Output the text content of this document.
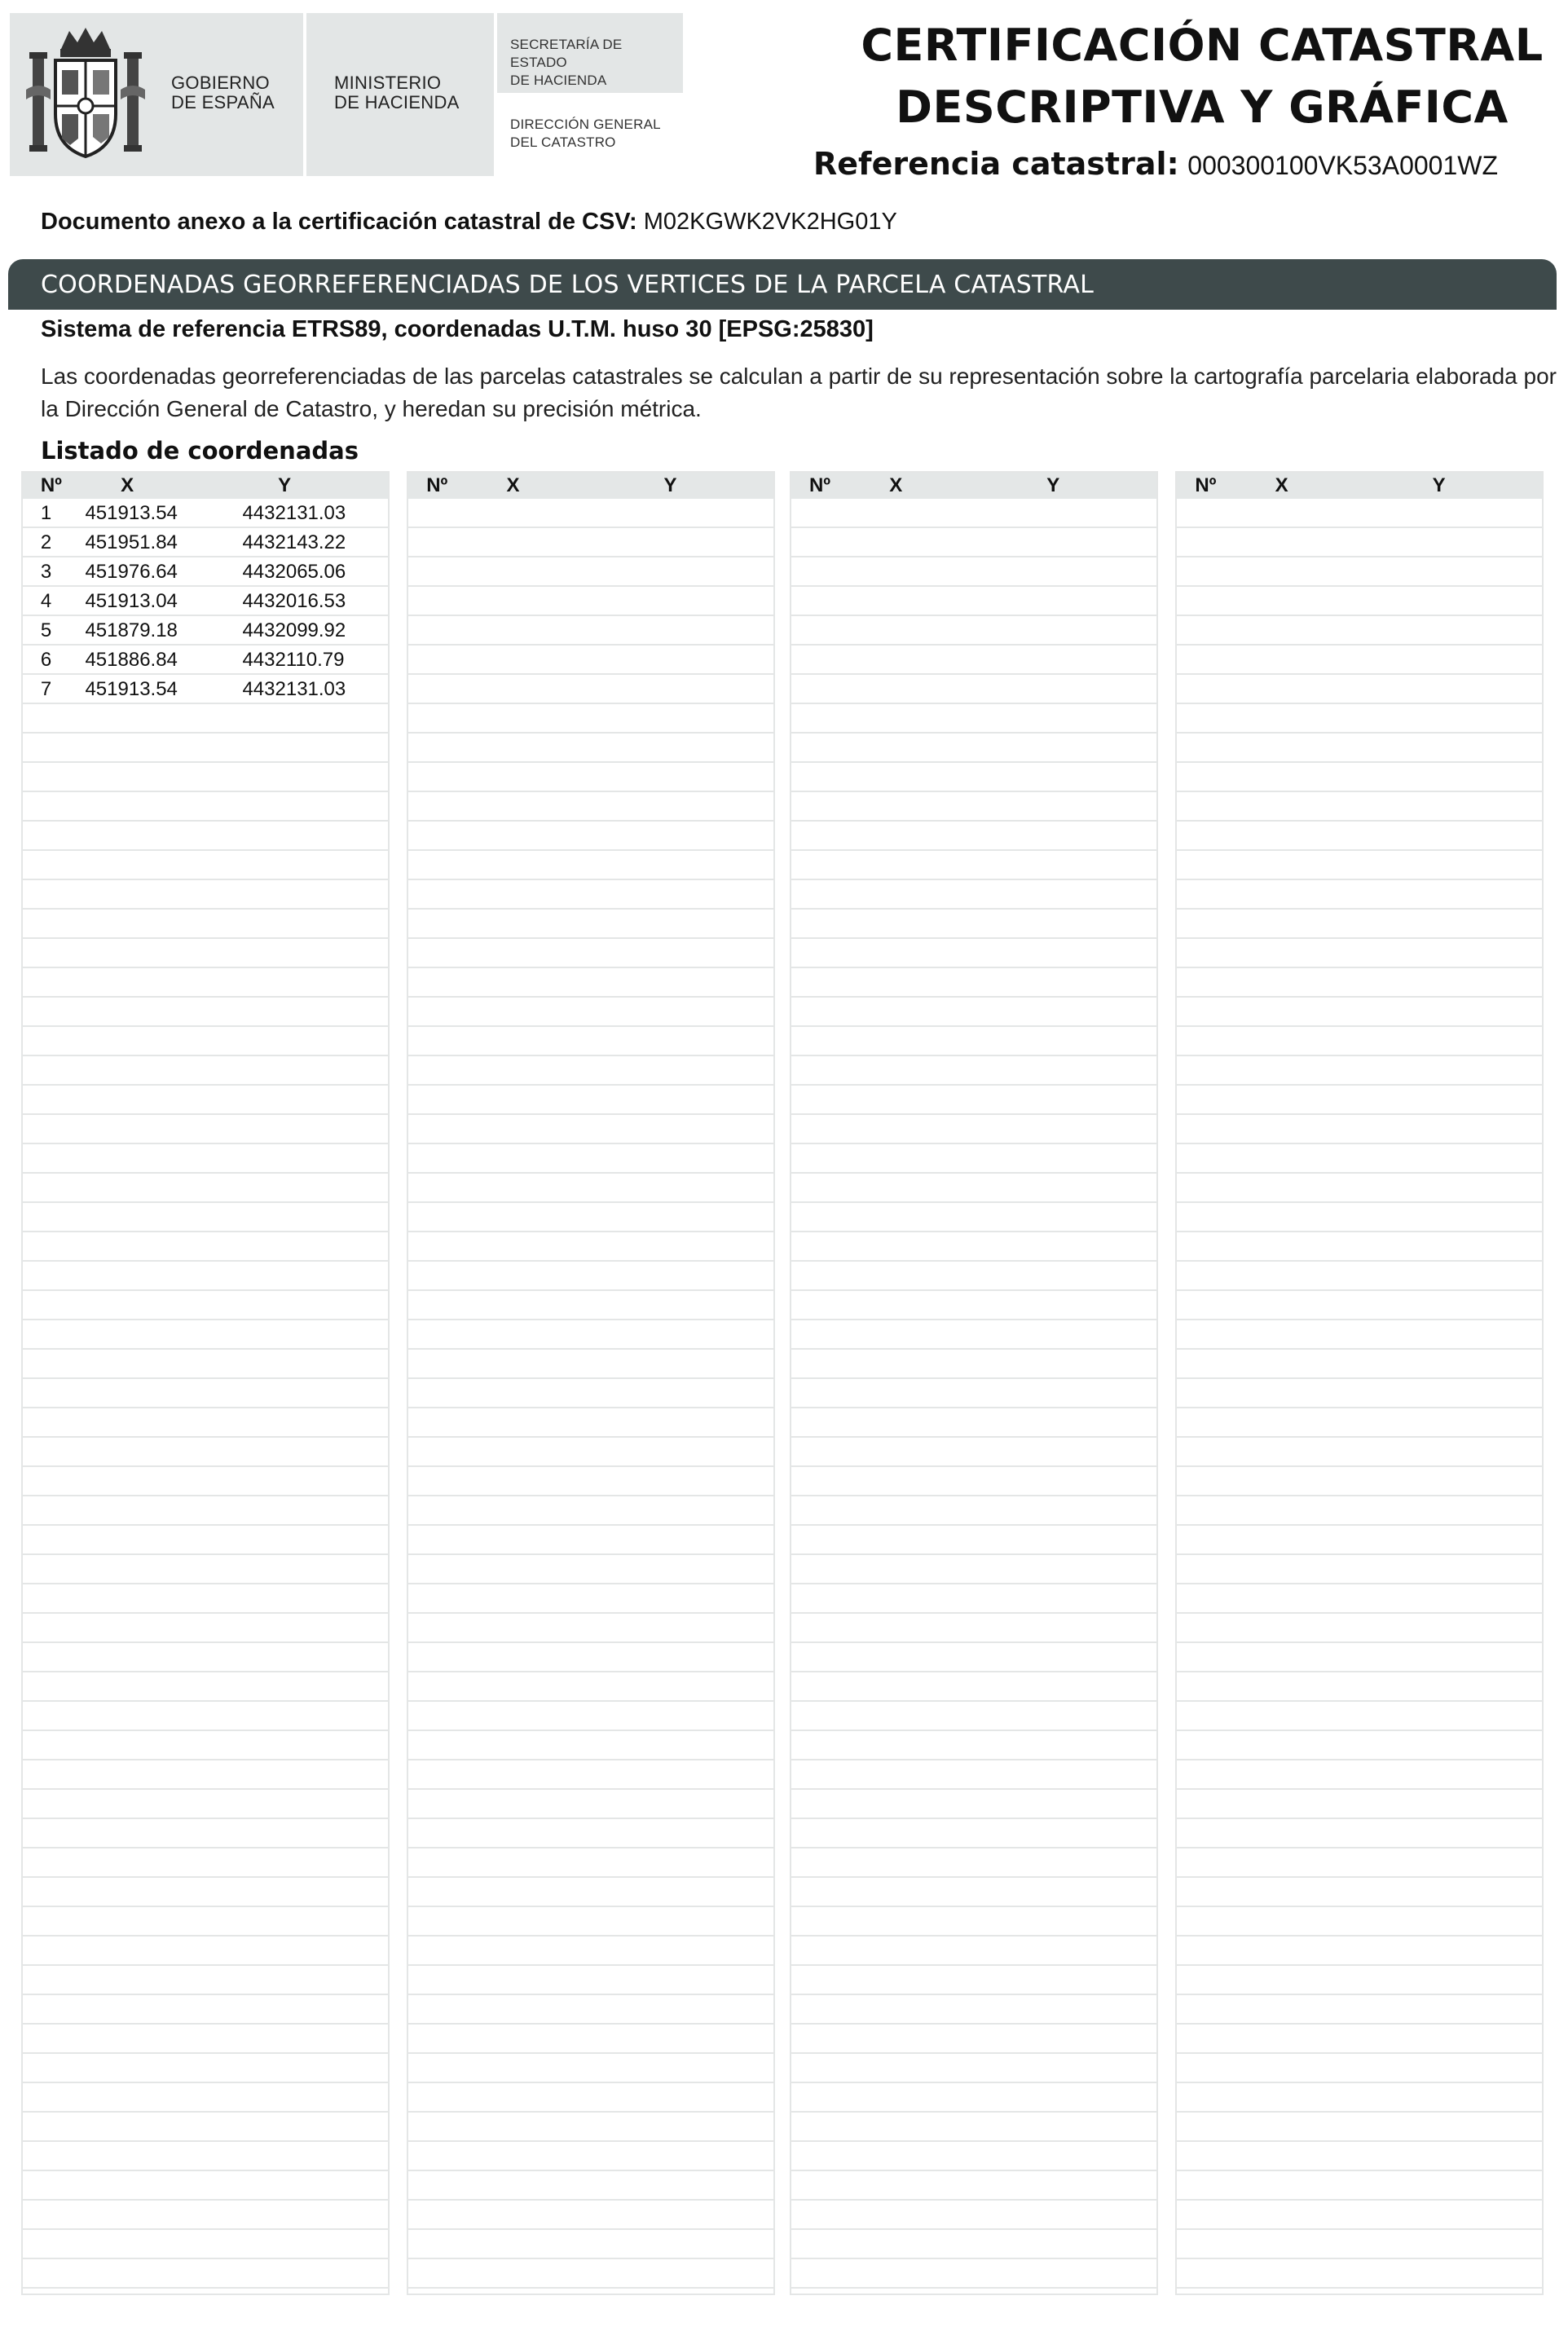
GOBIERNO
DE ESPAÑA
MINISTERIO
DE HACIENDA
SECRETARÍA DE ESTADO
DE HACIENDA
DIRECCIÓN GENERAL
DEL CATASTRO
CERTIFICACIÓN CATASTRAL
DESCRIPTIVA Y GRÁFICA
Referencia catastral: 000300100VK53A0001WZ
Documento anexo a la certificación catastral de CSV: M02KGWK2VK2HG01Y
COORDENADAS GEORREFERENCIADAS DE LOS VERTICES DE LA PARCELA CATASTRAL
Sistema de referencia ETRS89, coordenadas U.T.M. huso 30 [EPSG:25830]
Las coordenadas georreferenciadas de las parcelas catastrales se calculan a partir de su representación sobre la cartografía parcelaria elaborada por la Dirección General de Catastro, y heredan su precisión métrica.
Listado de coordenadas
Nº	X	Y
1 451913.54	4432131.03
2 451951.84	4432143.22
3 451976.64	4432065.06
4 451913.04	4432016.53
5 451879.18	4432099.92
6 451886.84	4432110.79
7 451913.54	4432131.03
Nº	X	Y	Nº	X	Y	Nº	X	Y
